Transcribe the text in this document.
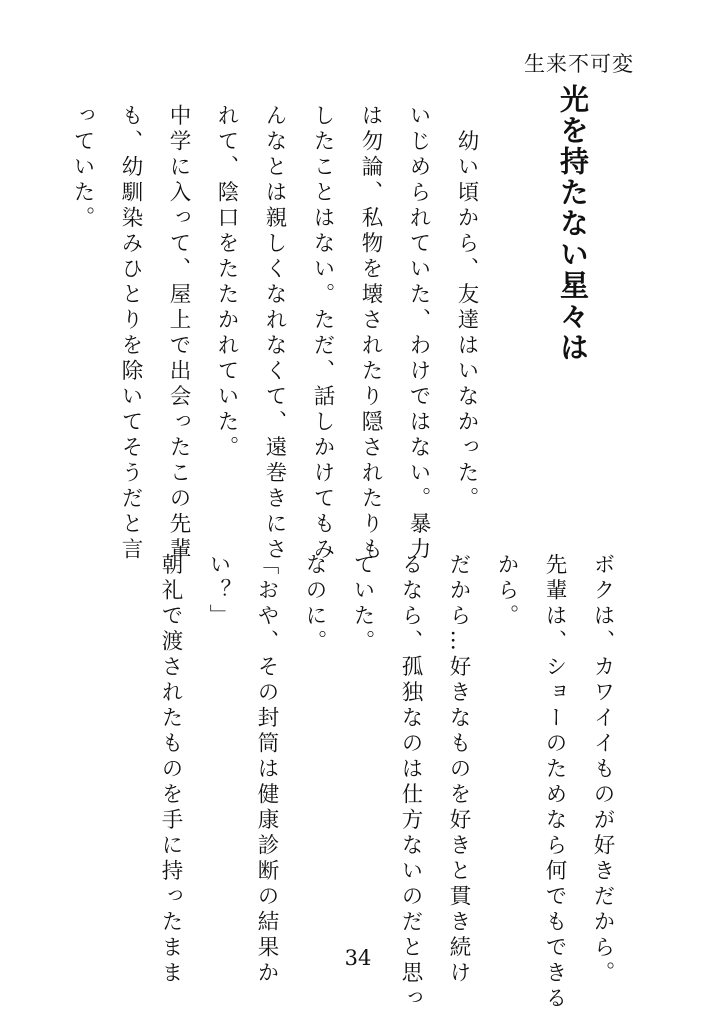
生来不可変
光を持たない星々は

　幼い頃から、友達はいなかった。

いじめられていた、わけではない。暴力

は勿論、私物を壊されたり隠されたりも

したことはない。ただ、話しかけてもみ

んなとは親しくなれなくて、遠巻きにさ

れて、陰口をたたかれていた。

中学に入って、屋上で出会ったこの先輩

も、幼馴染みひとりを除いてそうだと言

っていた。

ボクは、カワイイものが好きだから。

先輩は、ショーのためなら何でもできる

から。

だから…好きなものを好きと貫き続け

るなら、孤独なのは仕方ないのだと思っ

ていた。

なのに。

「おや、その封筒は健康診断の結果か

い？」

朝礼で渡されたものを手に持ったまま	34
